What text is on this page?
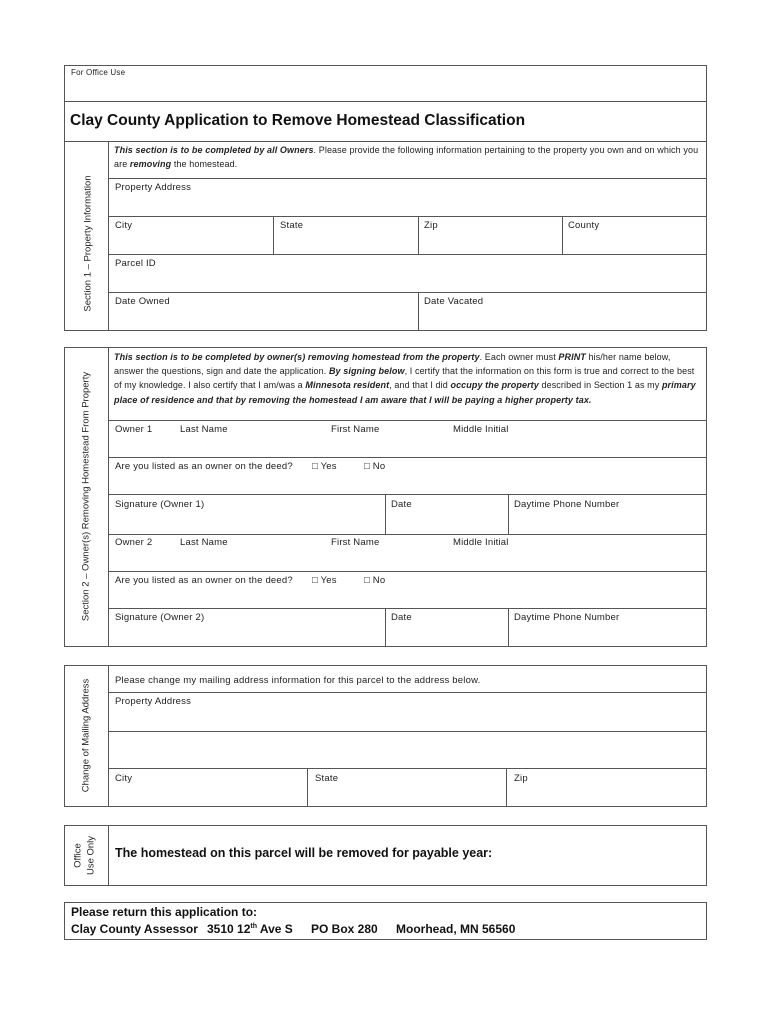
For Office Use
Clay County Application to Remove Homestead Classification
Section 1 – Property Information
This section is to be completed by all Owners. Please provide the following information pertaining to the property you own and on which you are removing the homestead.
Property Address
City	State	Zip	County
Parcel ID
Date Owned	Date Vacated
Section 2 – Owner(s) Removing Homestead From Property
This section is to be completed by owner(s) removing homestead from the property. Each owner must PRINT his/her name below, answer the questions, sign and date the application. By signing below, I certify that the information on this form is true and correct to the best of my knowledge. I also certify that I am/was a Minnesota resident, and that I did occupy the property described in Section 1 as my primary place of residence and that by removing the homestead I am aware that I will be paying a higher property tax.
Owner 1	Last Name	First Name	Middle Initial
Are you listed as an owner on the deed? □ Yes	□ No
Signature (Owner 1)	Date	Daytime Phone Number
Owner 2	Last Name	First Name	Middle Initial
Are you listed as an owner on the deed? □ Yes	□ No
Signature (Owner 2)	Date	Daytime Phone Number
Change of Mailing Address Please change my mailing address information for this parcel to the address below.
Property Address
City	State	Zip
Office Use Only The homestead on this parcel will be removed for payable year:
Please return this application to:
Clay County Assessor 3510 12th Ave S PO Box 280 Moorhead, MN 56560
